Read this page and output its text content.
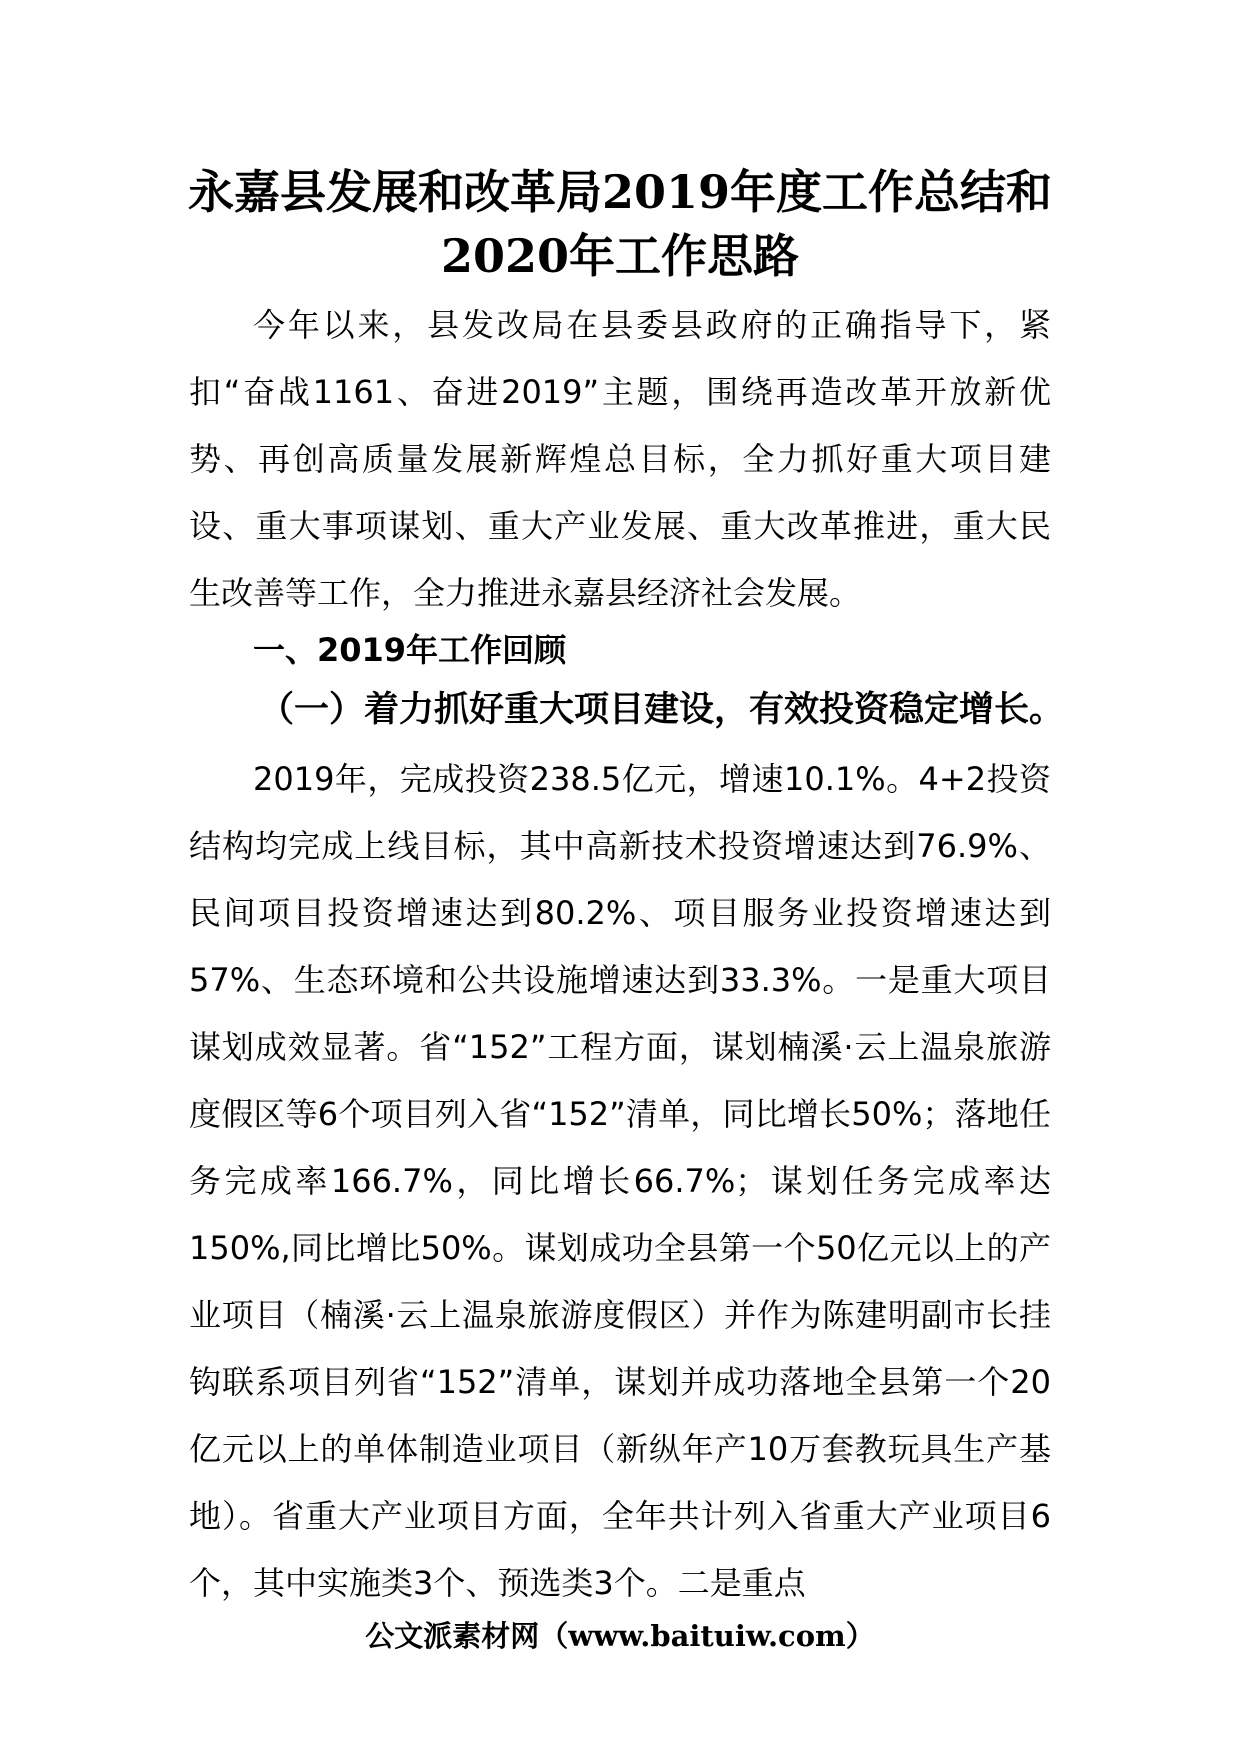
永嘉县发展和改革局2019年度工作总结和
2020年工作思路

今年以来，县发改局在县委县政府的正确指导下，紧扣“奋战1161、奋进2019”主题，围绕再造改革开放新优势、再创高质量发展新辉煌总目标，全力抓好重大项目建设、重大事项谋划、重大产业发展、重大改革推进，重大民生改善等工作，全力推进永嘉县经济社会发展。

一、2019年工作回顾
（一）着力抓好重大项目建设，有效投资稳定增长。

2019年，完成投资238.5亿元，增速10.1%。4+2投资结构均完成上线目标，其中高新技术投资增速达到76.9%、民间项目投资增速达到80.2%、项目服务业投资增速达到57%、生态环境和公共设施增速达到33.3%。一是重大项目谋划成效显著。省“152”工程方面，谋划楠溪·云上温泉旅游度假区等6个项目列入省“152”清单，同比增长50%；落地任务完成率166.7%，同比增长66.7%；谋划任务完成率达150%,同比增比50%。谋划成功全县第一个50亿元以上的产业项目（楠溪·云上温泉旅游度假区）并作为陈建明副市长挂钩联系项目列省“152”清单，谋划并成功落地全县第一个20亿元以上的单体制造业项目（新纵年产10万套教玩具生产基地）。省重大产业项目方面，全年共计列入省重大产业项目6个，其中实施类3个、预选类3个。二是重点

公文派素材网（www.baituiw.com）
